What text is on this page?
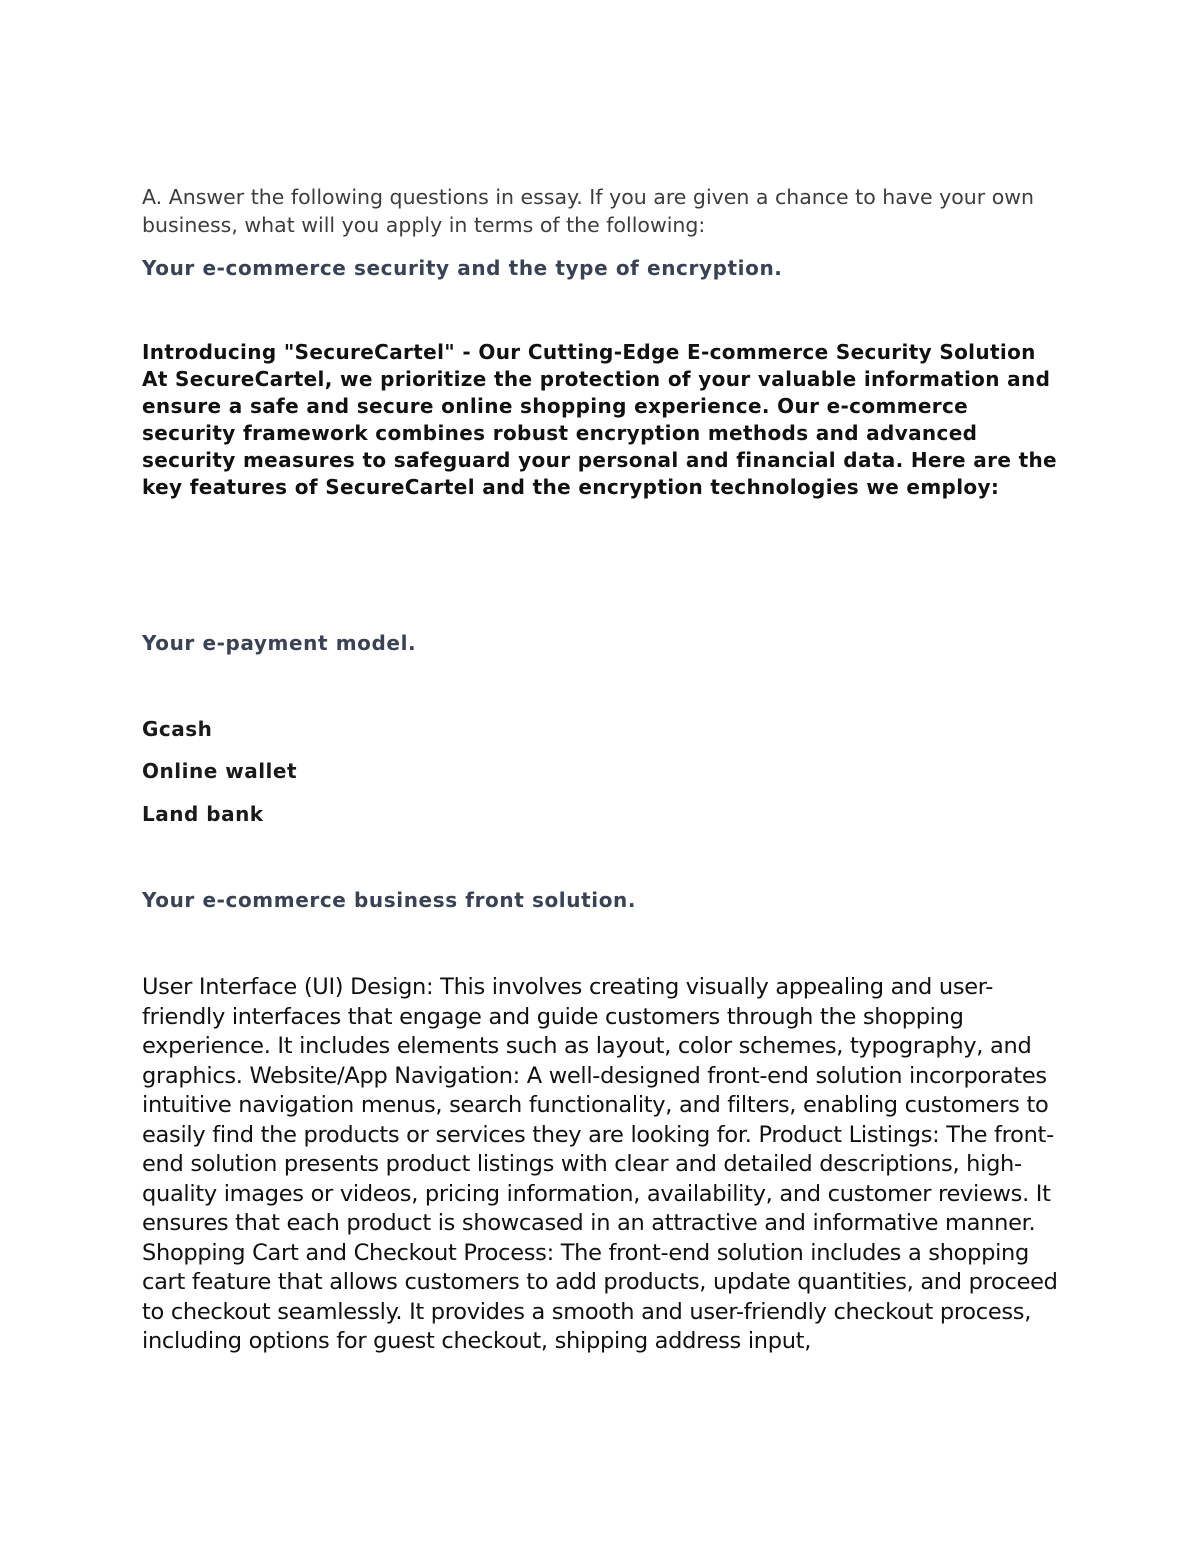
A. Answer the following questions in essay. If you are given a chance to have your own business, what will you apply in terms of the following:

Your e-commerce security and the type of encryption.

Introducing "SecureCartel" - Our Cutting-Edge E-commerce Security Solution At SecureCartel, we prioritize the protection of your valuable information and ensure a safe and secure online shopping experience. Our e-commerce security framework combines robust encryption methods and advanced security measures to safeguard your personal and financial data. Here are the key features of SecureCartel and the encryption technologies we employ:

Your e-payment model.

Gcash

Online wallet

Land bank

Your e-commerce business front solution.

User Interface (UI) Design: This involves creating visually appealing and user-friendly interfaces that engage and guide customers through the shopping experience. It includes elements such as layout, color schemes, typography, and graphics. Website/App Navigation: A well-designed front-end solution incorporates intuitive navigation menus, search functionality, and filters, enabling customers to easily find the products or services they are looking for. Product Listings: The front-end solution presents product listings with clear and detailed descriptions, high-quality images or videos, pricing information, availability, and customer reviews. It ensures that each product is showcased in an attractive and informative manner. Shopping Cart and Checkout Process: The front-end solution includes a shopping cart feature that allows customers to add products, update quantities, and proceed to checkout seamlessly. It provides a smooth and user-friendly checkout process, including options for guest checkout, shipping address input,
